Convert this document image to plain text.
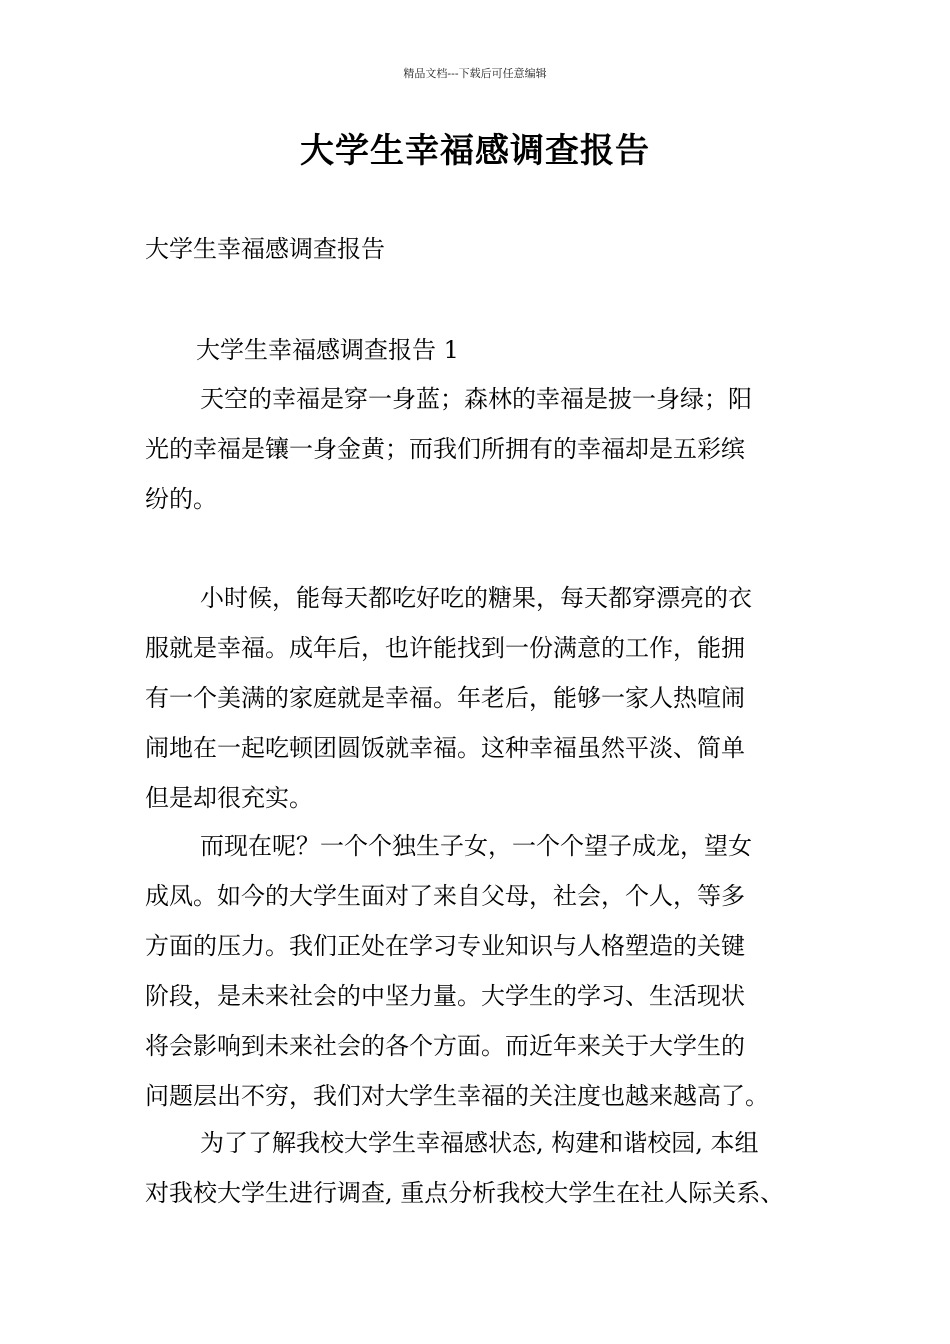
精品文档---下载后可任意编辑
大学生幸福感调查报告
大学生幸福感调查报告
大学生幸福感调查报告 1
天空的幸福是穿一身蓝；森林的幸福是披一身绿；阳
光的幸福是镶一身金黄；而我们所拥有的幸福却是五彩缤
纷的。
小时候，能每天都吃好吃的糖果，每天都穿漂亮的衣
服就是幸福。成年后，也许能找到一份满意的工作，能拥
有一个美满的家庭就是幸福。年老后，能够一家人热喧闹
闹地在一起吃顿团圆饭就幸福。这种幸福虽然平淡、简单
但是却很充实。
而现在呢？一个个独生子女，一个个望子成龙，望女
成凤。如今的大学生面对了来自父母，社会，个人，等多
方面的压力。我们正处在学习专业知识与人格塑造的关键
阶段，是未来社会的中坚力量。大学生的学习、生活现状
将会影响到未来社会的各个方面。而近年来关于大学生的
问题层出不穷，我们对大学生幸福的关注度也越来越高了。
为了了解我校大学生幸福感状态, 构建和谐校园, 本组
对我校大学生进行调查, 重点分析我校大学生在社人际关系、
